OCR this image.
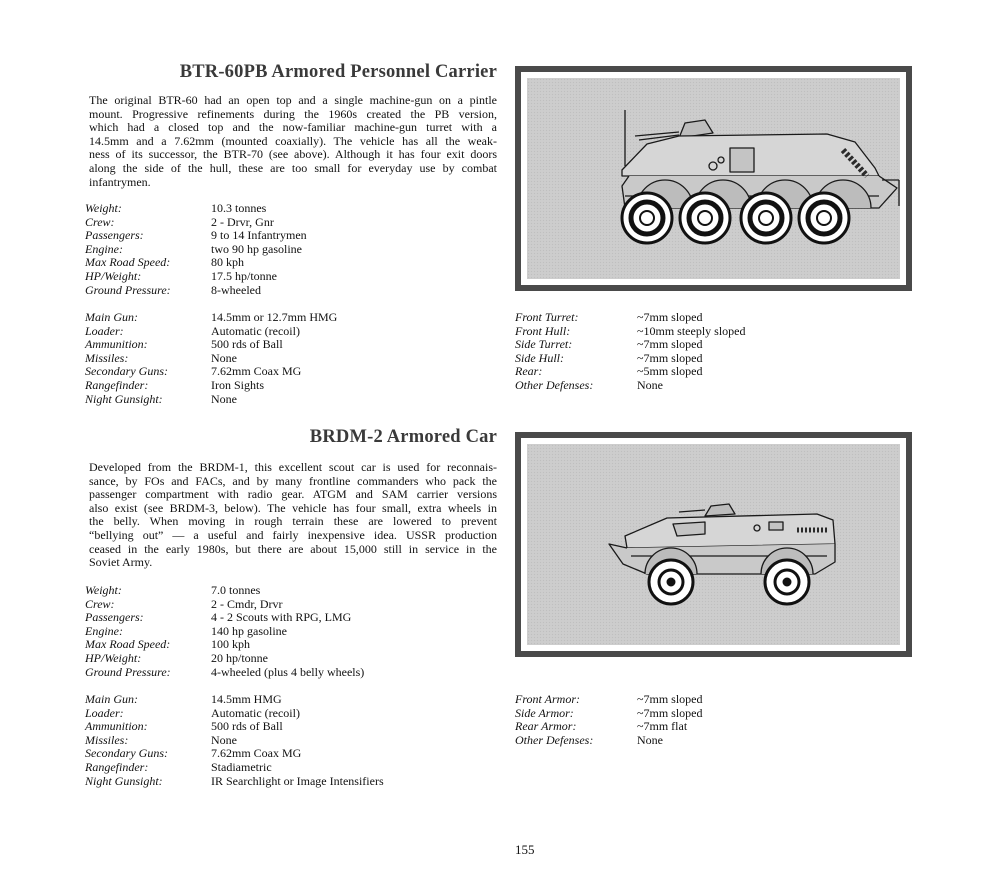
BTR-60PB Armored Personnel Carrier

The original BTR-60 had an open top and a single machine-gun on a pintle

mount. Progressive refinements during the 1960s created the PB version,

which had a closed top and the now-familiar machine-gun turret with a

14.5mm and a 7.62mm (mounted coaxially). The vehicle has all the weak-

ness of its successor, the BTR-70 (see above). Although it has four exit doors

along the side of the hull, these are too small for everyday use by combat

infantrymen.

Weight:	10.3 tonnes
Crew:	2 - Drvr, Gnr
Passengers:	9 to 14 Infantrymen
Engine:	two 90 hp gasoline
Max Road Speed:	80 kph
HP/Weight:	17.5 hp/tonne
Ground Pressure:	8-wheeled
Main Gun:	14.5mm or 12.7mm HMG
Loader:	Automatic (recoil)
Ammunition:	500 rds of Ball
Missiles:	None
Secondary Guns:	7.62mm Coax MG
Rangefinder:	Iron Sights
Night Gunsight:	None
Front Turret:	~7mm sloped
Front Hull:	~10mm steeply sloped
Side Turret:	~7mm sloped
Side Hull:	~7mm sloped
Rear:	~5mm sloped
Other Defenses:	None
BRDM-2 Armored Car

Developed from the BRDM-1, this excellent scout car is used for reconnais-

sance, by FOs and FACs, and by many frontline commanders who pack the

passenger compartment with radio gear. ATGM and SAM carrier versions

also exist (see BRDM-3, below). The vehicle has four small, extra wheels in

the belly. When moving in rough terrain these are lowered to prevent

“bellying out” — a useful and fairly inexpensive idea. USSR production

ceased in the early 1980s, but there are about 15,000 still in service in the

Soviet Army.

Weight:	7.0 tonnes
Crew:	2 - Cmdr, Drvr
Passengers:	4 - 2 Scouts with RPG, LMG
Engine:	140 hp gasoline
Max Road Speed:	100 kph
HP/Weight:	20 hp/tonne
Ground Pressure:	4-wheeled (plus 4 belly wheels)
Main Gun:	14.5mm HMG
Loader:	Automatic (recoil)
Ammunition:	500 rds of Ball
Missiles:	None
Secondary Guns:	7.62mm Coax MG
Rangefinder:	Stadiametric
Night Gunsight:	IR Searchlight or Image Intensifiers
Front Armor:	~7mm sloped
Side Armor:	~7mm sloped
Rear Armor:	~7mm flat
Other Defenses:	None
155
